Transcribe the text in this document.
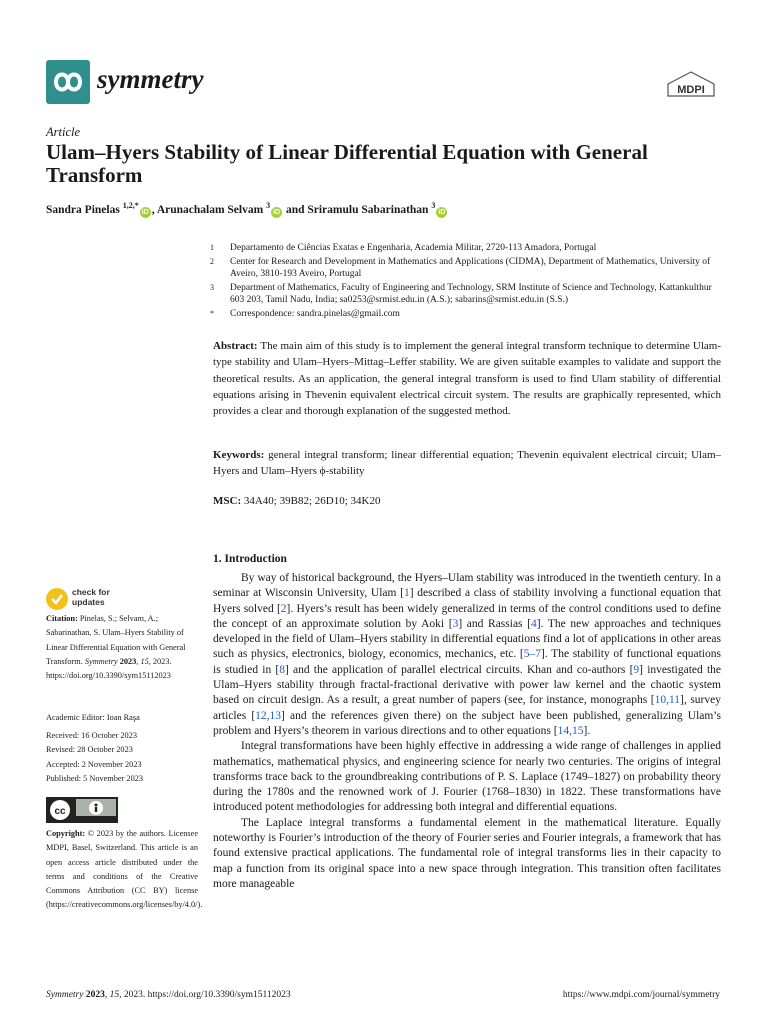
symmetry	MDPI
Article
Ulam–Hyers Stability of Linear Differential Equation with General Transform
Sandra Pinelas $^{1,2,*}$iD , Arunachalam Selvam $^3$iD and Sriramulu Sabarinathan $^3$iD
1	Departamento de Ciências Exatas e Engenharia, Academia Militar, 2720-113 Amadora, Portugal
2	Center for Research and Development in Mathematics and Applications (CIDMA), Department of Mathematics, University of Aveiro, 3810-193 Aveiro, Portugal
3	Department of Mathematics, Faculty of Engineering and Technology, SRM Institute of Science and Technology, Kattankulthur 603 203, Tamil Nadu, India; sa0253@srmist.edu.in (A.S.); sabarins@srmist.edu.in (S.S.)
*	Correspondence: sandra.pinelas@gmail.com
Abstract: The main aim of this study is to implement the general integral transform technique to determine Ulam-type stability and Ulam–Hyers–Mittag–Leffer stability. We are given suitable examples to validate and support the theoretical results. As an application, the general integral transform is used to find Ulam stability of differential equations arising in Thevenin equivalent electrical circuit system. The results are graphically represented, which provides a clear and thorough explanation of the suggested method.
Keywords: general integral transform; linear differential equation; Thevenin equivalent electrical circuit; Ulam–Hyers and Ulam–Hyers ϕ-stability
MSC: 34A40; 39B82; 26D10; 34K20
1. Introduction

By way of historical background, the Hyers–Ulam stability was introduced in the twentieth century. In a seminar at Wisconsin University, Ulam [1] described a class of stability involving a functional equation that Hyers solved [2]. Hyers’s result has been widely generalized in terms of the control conditions used to define the concept of an approximate solution by Aoki [3] and Rassias [4]. The new approaches and techniques developed in the field of Ulam–Hyers stability in differential equations find a lot of applications in other areas such as physics, electronics, biology, economics, mechanics, etc. [5–7]. The stability of functional equations is studied in [8] and the application of parallel electrical circuits. Khan and co-authors [9] investigated the Ulam–Hyers stability through fractal-fractional derivative with power law kernel and the chaotic system based on circuit design. As a result, a great number of papers (see, for instance, monographs [10,11], survey articles [12,13] and the references given there) on the subject have been published, generalizing Ulam’s problem and Hyers’s theorem in various directions and to other equations [14,15].

Integral transformations have been highly effective in addressing a wide range of challenges in applied mathematics, mathematical physics, and engineering science for nearly two centuries. The origins of integral transforms trace back to the groundbreaking contributions of P. S. Laplace (1749–1827) on probability theory during the 1780s and the renowned work of J. Fourier (1768–1830) in 1822. These transformations have introduced potent methodologies for addressing both integral and differential equations.

The Laplace integral transforms a fundamental element in the mathematical literature. Equally noteworthy is Fourier’s introduction of the theory of Fourier series and Fourier integrals, a framework that has found extensive practical applications. The fundamental role of integral transforms lies in their capacity to map a function from its original space into a new space through integration. This transition often facilitates more manageable

check for
updates
Citation: Pinelas, S.; Selvam, A.; Sabarinathan, S. Ulam–Hyers Stability of Linear Differential Equation with General Transform. Symmetry 2023, 15, 2023. https://doi.org/10.3390/sym15112023
Academic Editor: Ioan Raşa
Received: 16 October 2023
Revised: 28 October 2023
Accepted: 2 November 2023
Published: 5 November 2023
cc
Copyright: © 2023 by the authors. Licensee MDPI, Basel, Switzerland. This article is an open access article distributed under the terms and conditions of the Creative Commons Attribution (CC BY) license (https://creativecommons.org/licenses/by/4.0/).
Symmetry 2023, 15, 2023. https://doi.org/10.3390/sym15112023	https://www.mdpi.com/journal/symmetry
